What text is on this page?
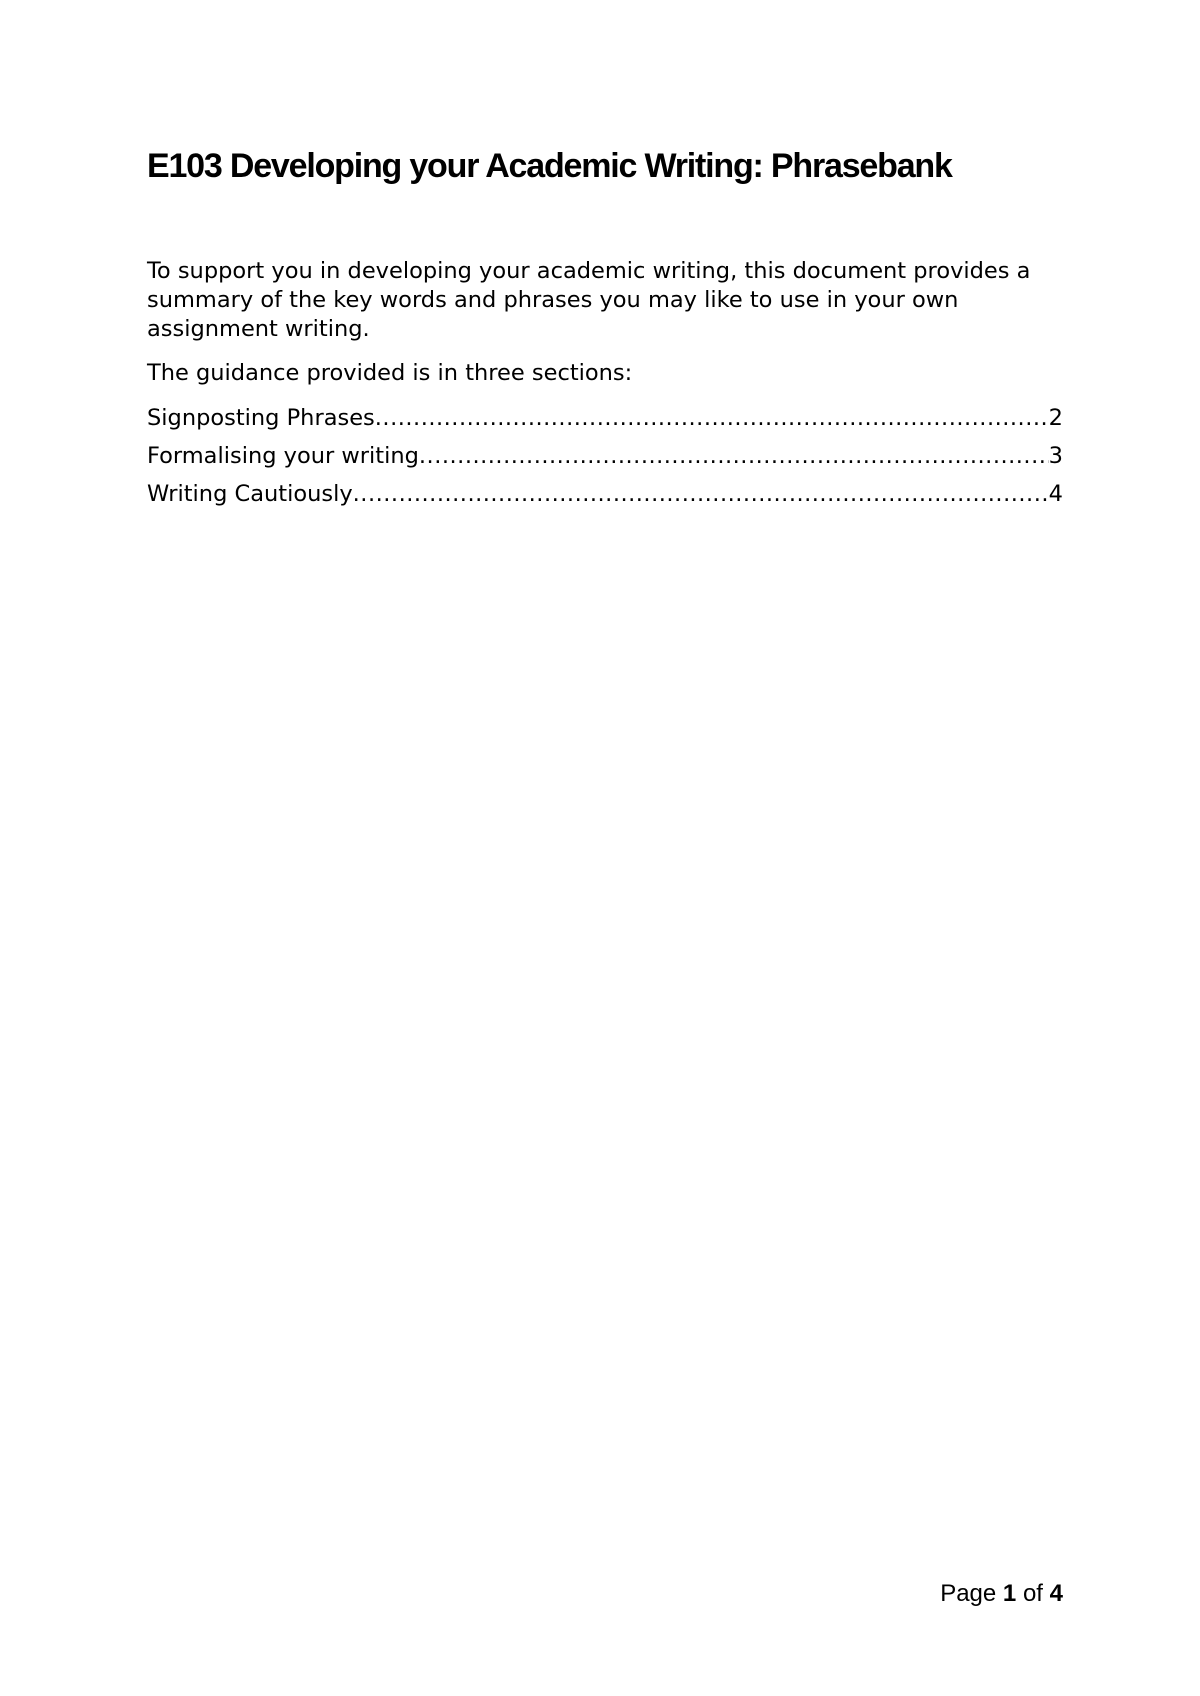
E103 Developing your Academic Writing: Phrasebank

To support you in developing your academic writing, this document provides a summary of the key words and phrases you may like to use in your own assignment writing.

The guidance provided is in three sections:

Signposting Phrases .....	2
Formalising your writing .....	3
Writing Cautiously .....	4
Page 1 of 4
